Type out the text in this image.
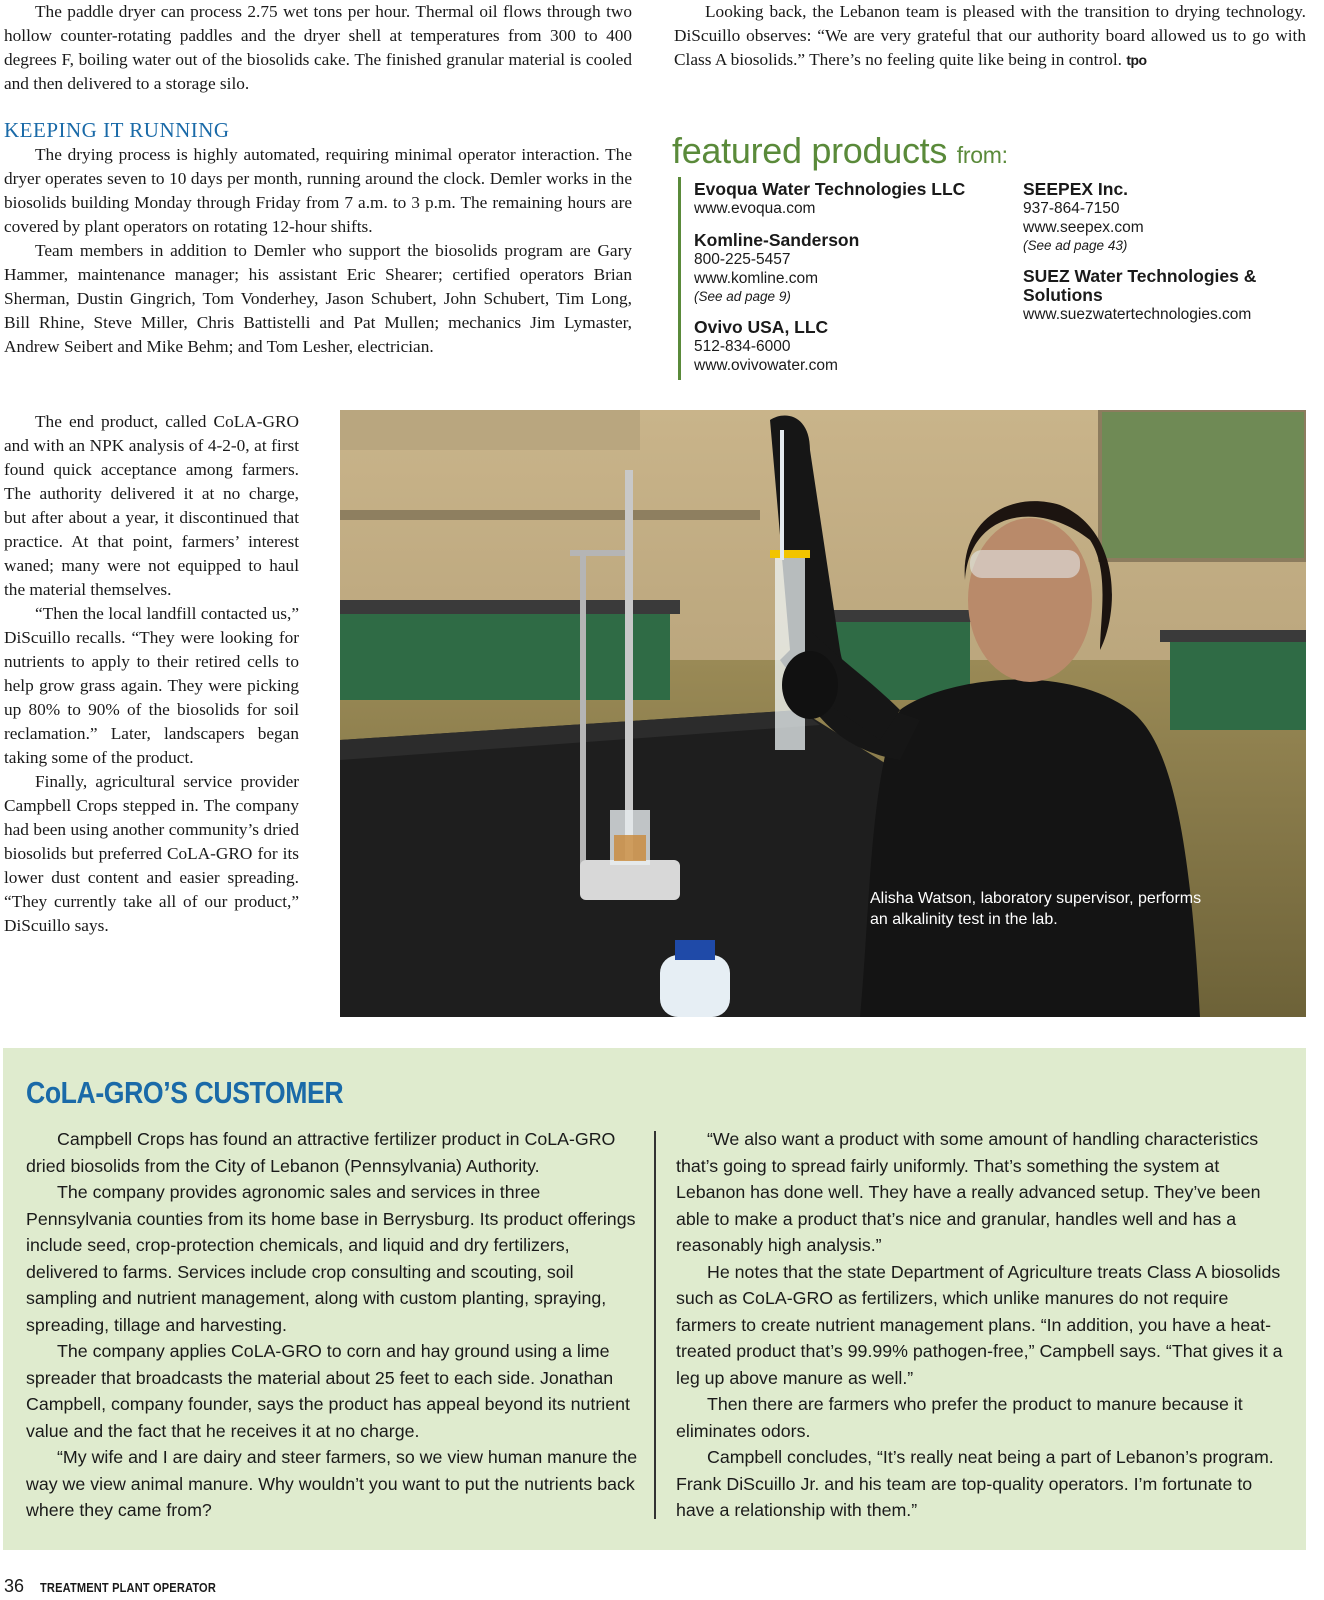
The paddle dryer can process 2.75 wet tons per hour. Thermal oil flows through two hollow counter-rotating paddles and the dryer shell at temperatures from 300 to 400 degrees F, boiling water out of the biosolids cake. The finished granular material is cooled and then delivered to a storage silo.

KEEPING IT RUNNING

The drying process is highly automated, requiring minimal operator interaction. The dryer operates seven to 10 days per month, running around the clock. Demler works in the biosolids building Monday through Friday from 7 a.m. to 3 p.m. The remaining hours are covered by plant operators on rotating 12-hour shifts.

Team members in addition to Demler who support the biosolids program are Gary Hammer, maintenance manager; his assistant Eric Shearer; certified operators Brian Sherman, Dustin Gingrich, Tom Vonderhey, Jason Schubert, John Schubert, Tim Long, Bill Rhine, Steve Miller, Chris Battistelli and Pat Mullen; mechanics Jim Lymaster, Andrew Seibert and Mike Behm; and Tom Lesher, electrician.

The end product, called CoLA-GRO and with an NPK analysis of 4-2-0, at first found quick acceptance among farmers. The authority delivered it at no charge, but after about a year, it discontinued that practice. At that point, farmers’ interest waned; many were not equipped to haul the material themselves.

“Then the local landfill contacted us,” DiScuillo recalls. “They were looking for nutrients to apply to their retired cells to help grow grass again. They were picking up 80% to 90% of the biosolids for soil reclamation.” Later, landscapers began taking some of the product.

Finally, agricultural service provider Campbell Crops stepped in. The company had been using another community’s dried biosolids but preferred CoLA-GRO for its lower dust content and easier spreading. “They currently take all of our product,” DiScuillo says.

Looking back, the Lebanon team is pleased with the transition to drying technology. DiScuillo observes: “We are very grateful that our authority board allowed us to go with Class A biosolids.” There’s no feeling quite like being in control. tpo

featured products from:
Evoqua Water Technologies LLC
www.evoqua.com
Komline-Sanderson
800-225-5457
www.komline.com
(See ad page 9)
Ovivo USA, LLC
512-834-6000
www.ovivowater.com
SEEPEX Inc.
937-864-7150
www.seepex.com
(See ad page 43)
SUEZ Water Technologies & Solutions
www.suezwatertechnologies.com
Alisha Watson, laboratory supervisor, performs an alkalinity test in the lab.
CoLA-GRO’S CUSTOMER

Campbell Crops has found an attractive fertilizer product in CoLA-GRO dried biosolids from the City of Lebanon (Pennsylvania) Authority.

The company provides agronomic sales and services in three Pennsylvania counties from its home base in Berrysburg. Its product offerings include seed, crop-protection chemicals, and liquid and dry fertilizers, delivered to farms. Services include crop consulting and scouting, soil sampling and nutrient management, along with custom planting, spraying, spreading, tillage and harvesting.

The company applies CoLA-GRO to corn and hay ground using a lime spreader that broadcasts the material about 25 feet to each side. Jonathan Campbell, company founder, says the product has appeal beyond its nutrient value and the fact that he receives it at no charge.

“My wife and I are dairy and steer farmers, so we view human manure the way we view animal manure. Why wouldn’t you want to put the nutrients back where they came from?

“We also want a product with some amount of handling characteristics that’s going to spread fairly uniformly. That’s something the system at Lebanon has done well. They have a really advanced setup. They’ve been able to make a product that’s nice and granular, handles well and has a reasonably high analysis.”

He notes that the state Department of Agriculture treats Class A biosolids such as CoLA-GRO as fertilizers, which unlike manures do not require farmers to create nutrient management plans. “In addition, you have a heat-treated product that’s 99.99% pathogen-free,” Campbell says. “That gives it a leg up above manure as well.”

Then there are farmers who prefer the product to manure because it eliminates odors.

Campbell concludes, “It’s really neat being a part of Lebanon’s program. Frank DiScuillo Jr. and his team are top-quality operators. I’m fortunate to have a relationship with them.”

36 TREATMENT PLANT OPERATOR
